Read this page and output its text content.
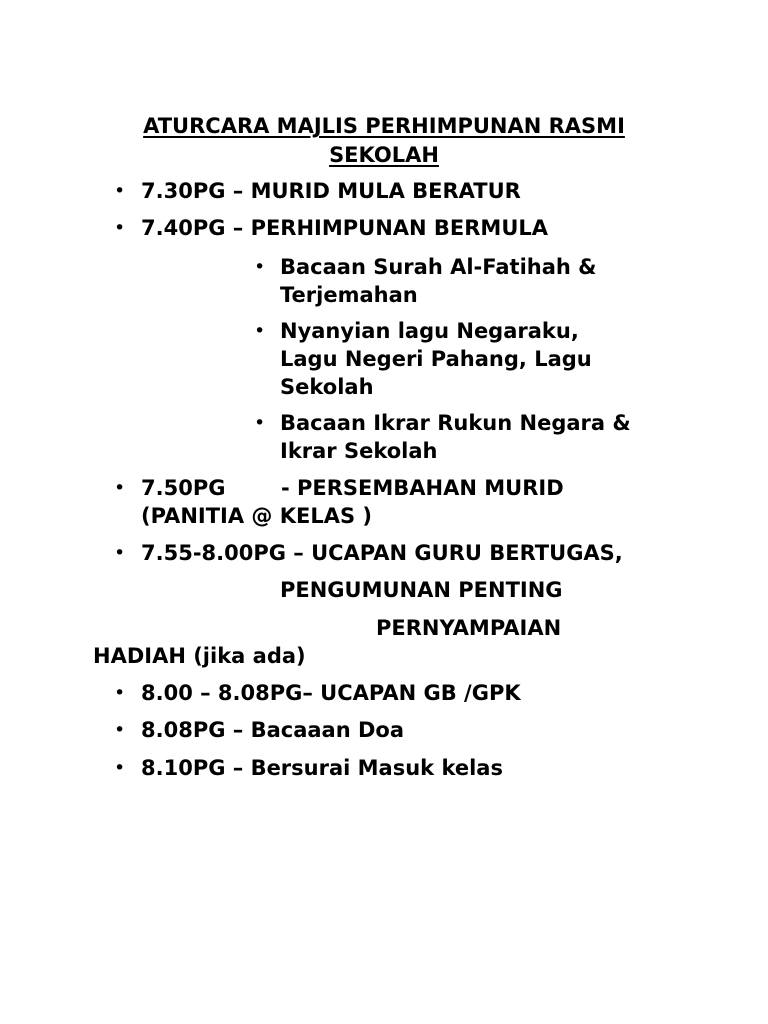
ATURCARA MAJLIS PERHIMPUNAN RASMI
SEKOLAH
• 7.30PG – MURID MULA BERATUR
• 7.40PG – PERHIMPUNAN BERMULA
• Bacaan Surah Al-Fatihah &
Terjemahan
• Nyanyian lagu Negaraku,
Lagu Negeri Pahang, Lagu
Sekolah
• Bacaan Ikrar Rukun Negara &
Ikrar Sekolah
• 7.50PG	- PERSEMBAHAN MURID
(PANITIA @ KELAS )
• 7.55-8.00PG – UCAPAN GURU BERTUGAS,
PENGUMUNAN PENTING
PERNYAMPAIAN
HADIAH (jika ada)
• 8.00 – 8.08PG– UCAPAN GB /GPK
• 8.08PG – Bacaaan Doa
• 8.10PG – Bersurai Masuk kelas
